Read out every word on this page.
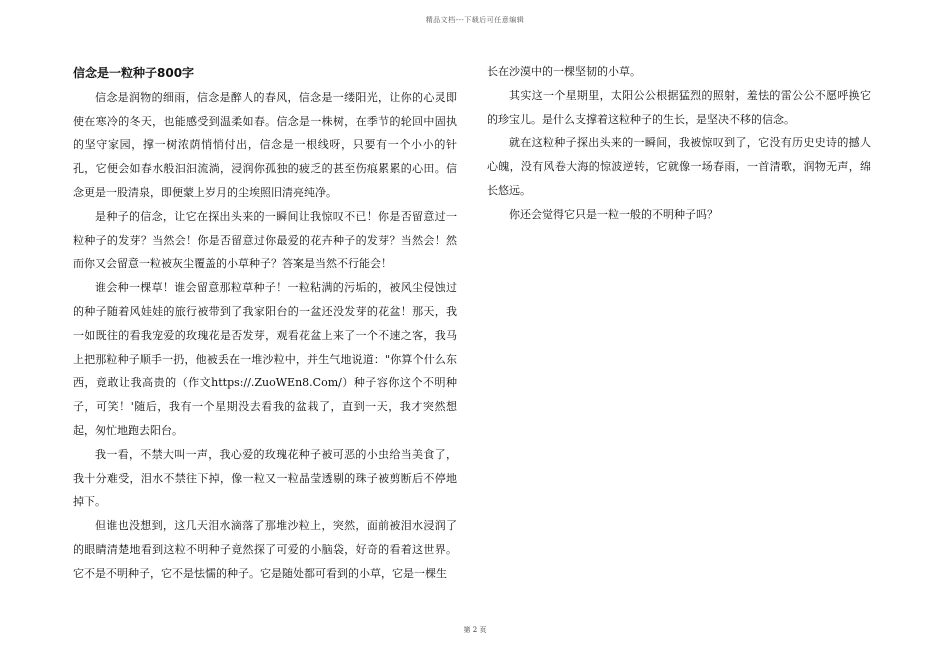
精品文档---下载后可任意编辑
信念是一粒种子800字

信念是润物的细雨，信念是醉人的春风，信念是一缕阳光，让你的心灵即使在寒冷的冬天，也能感受到温柔如春。信念是一株树，在季节的轮回中固执的坚守家园，撑一树浓荫悄悄付出，信念是一根线呀，只要有一个小小的针孔，它便会如春水般汩汩流淌，浸润你孤独的疲乏的甚至伤痕累累的心田。信念更是一股清泉，即便蒙上岁月的尘埃照旧清亮纯净。

是种子的信念，让它在探出头来的一瞬间让我惊叹不已！你是否留意过一粒种子的发芽？当然会！你是否留意过你最爱的花卉种子的发芽？当然会！然而你又会留意一粒被灰尘覆盖的小草种子？答案是当然不行能会！

谁会种一棵草！谁会留意那粒草种子！一粒粘满的污垢的，被风尘侵蚀过的种子随着风娃娃的旅行被带到了我家阳台的一盆还没发芽的花盆！那天，我一如既往的看我宠爱的玫瑰花是否发芽，观看花盆上来了一个不速之客，我马上把那粒种子顺手一扔，他被丢在一堆沙粒中，并生气地说道："你算个什么东西，竟敢让我高贵的（作文https://.ZuoWEn8.Com/）种子容你这个不明种子，可笑！'随后，我有一个星期没去看我的盆栽了，直到一天，我才突然想起，匆忙地跑去阳台。

我一看，不禁大叫一声，我心爱的玫瑰花种子被可恶的小虫给当美食了，我十分难受，泪水不禁往下掉，像一粒又一粒晶莹透剔的珠子被剪断后不停地掉下。

但谁也没想到，这几天泪水滴落了那堆沙粒上，突然，面前被泪水浸润了的眼睛清楚地看到这粒不明种子竟然探了可爱的小脑袋，好奇的看着这世界。它不是不明种子，它不是怯懦的种子。它是随处都可看到的小草，它是一棵生

长在沙漠中的一棵坚韧的小草。

其实这一个星期里，太阳公公根据猛烈的照射，羞怯的雷公公不愿呼换它的珍宝儿。是什么支撑着这粒种子的生长，是坚决不移的信念。

就在这粒种子探出头来的一瞬间，我被惊叹到了，它没有历史史诗的撼人心魄，没有风卷大海的惊波逆转，它就像一场春雨，一首清歌，润物无声，绵长悠远。

你还会觉得它只是一粒一般的不明种子吗？

第 2 页
